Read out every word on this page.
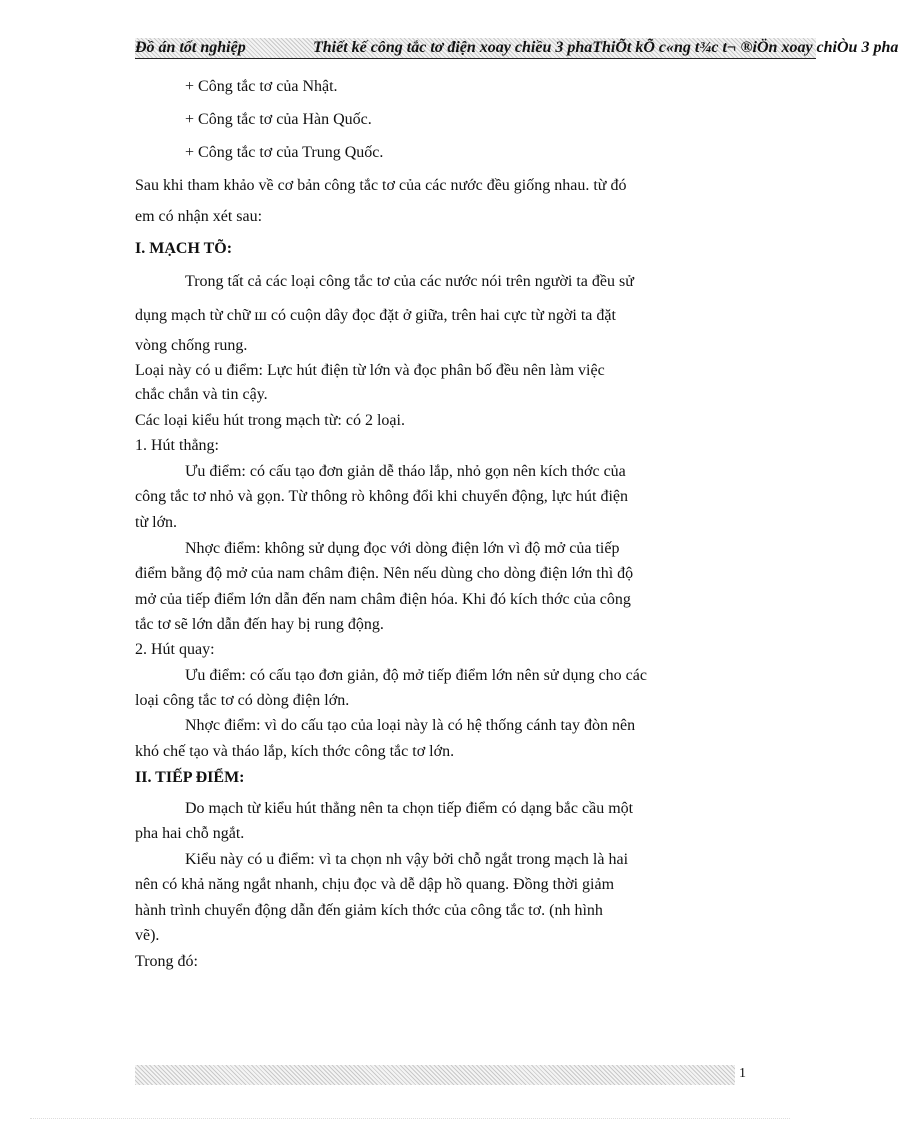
Đồ án tốt nghiệp	Thiết kế công tắc tơ điện xoay chiều 3 phaThiÕt kÕ c«ng t¾c t¬ ®iÖn xoay chiÒu 3 pha
+ Công tắc tơ của Nhật.
+ Công tắc tơ của Hàn Quốc.
+ Công tắc tơ của Trung Quốc.
Sau khi tham khảo về cơ bản công tắc tơ của các nước đều giống nhau. từ đó
em có nhận xét sau:
I. MẠCH TÕ:
Trong tất cả các loại công tắc tơ của các nước nói trên người ta đều sử
dụng mạch từ chữ ш có cuộn dây đọc đặt ở giữa, trên hai cực từ ngời ta đặt
vòng chống rung.
Loại này có u điểm: Lực hút điện từ lớn và đọc phân bố đều nên làm việc
chắc chắn và tin cậy.
Các loại kiểu hút trong mạch từ: có 2 loại.
1. Hút thẳng:
Ưu điểm: có cấu tạo đơn giản dễ tháo lắp, nhỏ gọn nên kích thớc của
công tắc tơ nhỏ và gọn. Từ thông rò không đổi khi chuyển động, lực hút điện
từ lớn.
Nhợc điểm: không sử dụng đọc với dòng điện lớn vì độ mở của tiếp
điểm bằng độ mở của nam châm điện. Nên nếu dùng cho dòng điện lớn thì độ
mở của tiếp điểm lớn dẫn đến nam châm điện hóa. Khi đó kích thớc của công
tắc tơ sẽ lớn dẫn đến hay bị rung động.
2. Hút quay:
Ưu điểm: có cấu tạo đơn giản, độ mở tiếp điểm lớn nên sử dụng cho các
loại công tắc tơ có dòng điện lớn.
Nhợc điểm: vì do cấu tạo của loại này là có hệ thống cánh tay đòn nên
khó chế tạo và tháo lắp, kích thớc công tắc tơ lớn.
II. TIẾP ĐIỂM:
Do mạch từ kiểu hút thẳng nên ta chọn tiếp điểm có dạng bắc cầu một
pha hai chỗ ngắt.
Kiểu này có u điểm: vì ta chọn nh vậy bởi chỗ ngắt trong mạch là hai
nên có khả năng ngắt nhanh, chịu đọc và dễ dập hồ quang. Đồng thời giảm
hành trình chuyển động dẫn đến giảm kích thớc của công tắc tơ. (nh hình
vẽ).
Trong đó:
1
